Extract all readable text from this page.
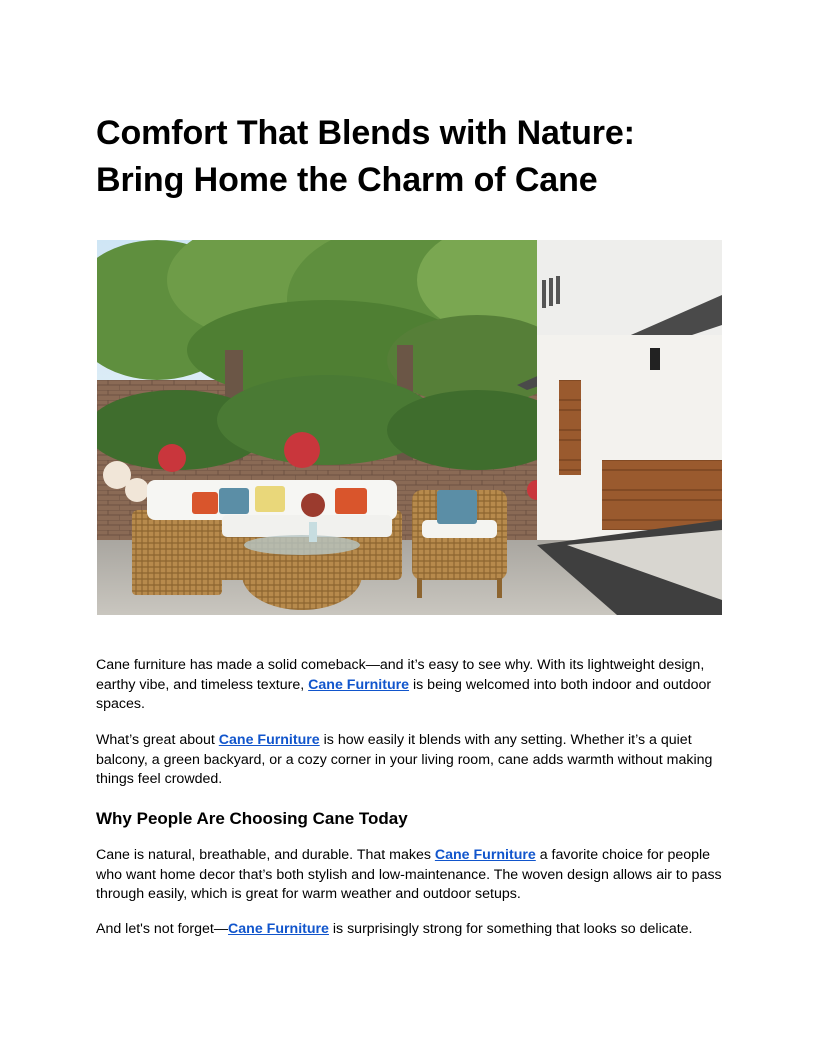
Comfort That Blends with Nature:
Bring Home the Charm of Cane

Cane furniture has made a solid comeback—and it’s easy to see why. With its lightweight design, earthy vibe, and timeless texture, Cane Furniture is being welcomed into both indoor and outdoor spaces.

What’s great about Cane Furniture is how easily it blends with any setting. Whether it’s a quiet balcony, a green backyard, or a cozy corner in your living room, cane adds warmth without making things feel crowded.

Why People Are Choosing Cane Today

Cane is natural, breathable, and durable. That makes Cane Furniture a favorite choice for people who want home decor that’s both stylish and low-maintenance. The woven design allows air to pass through easily, which is great for warm weather and outdoor setups.

And let's not forget—Cane Furniture is surprisingly strong for something that looks so delicate.
